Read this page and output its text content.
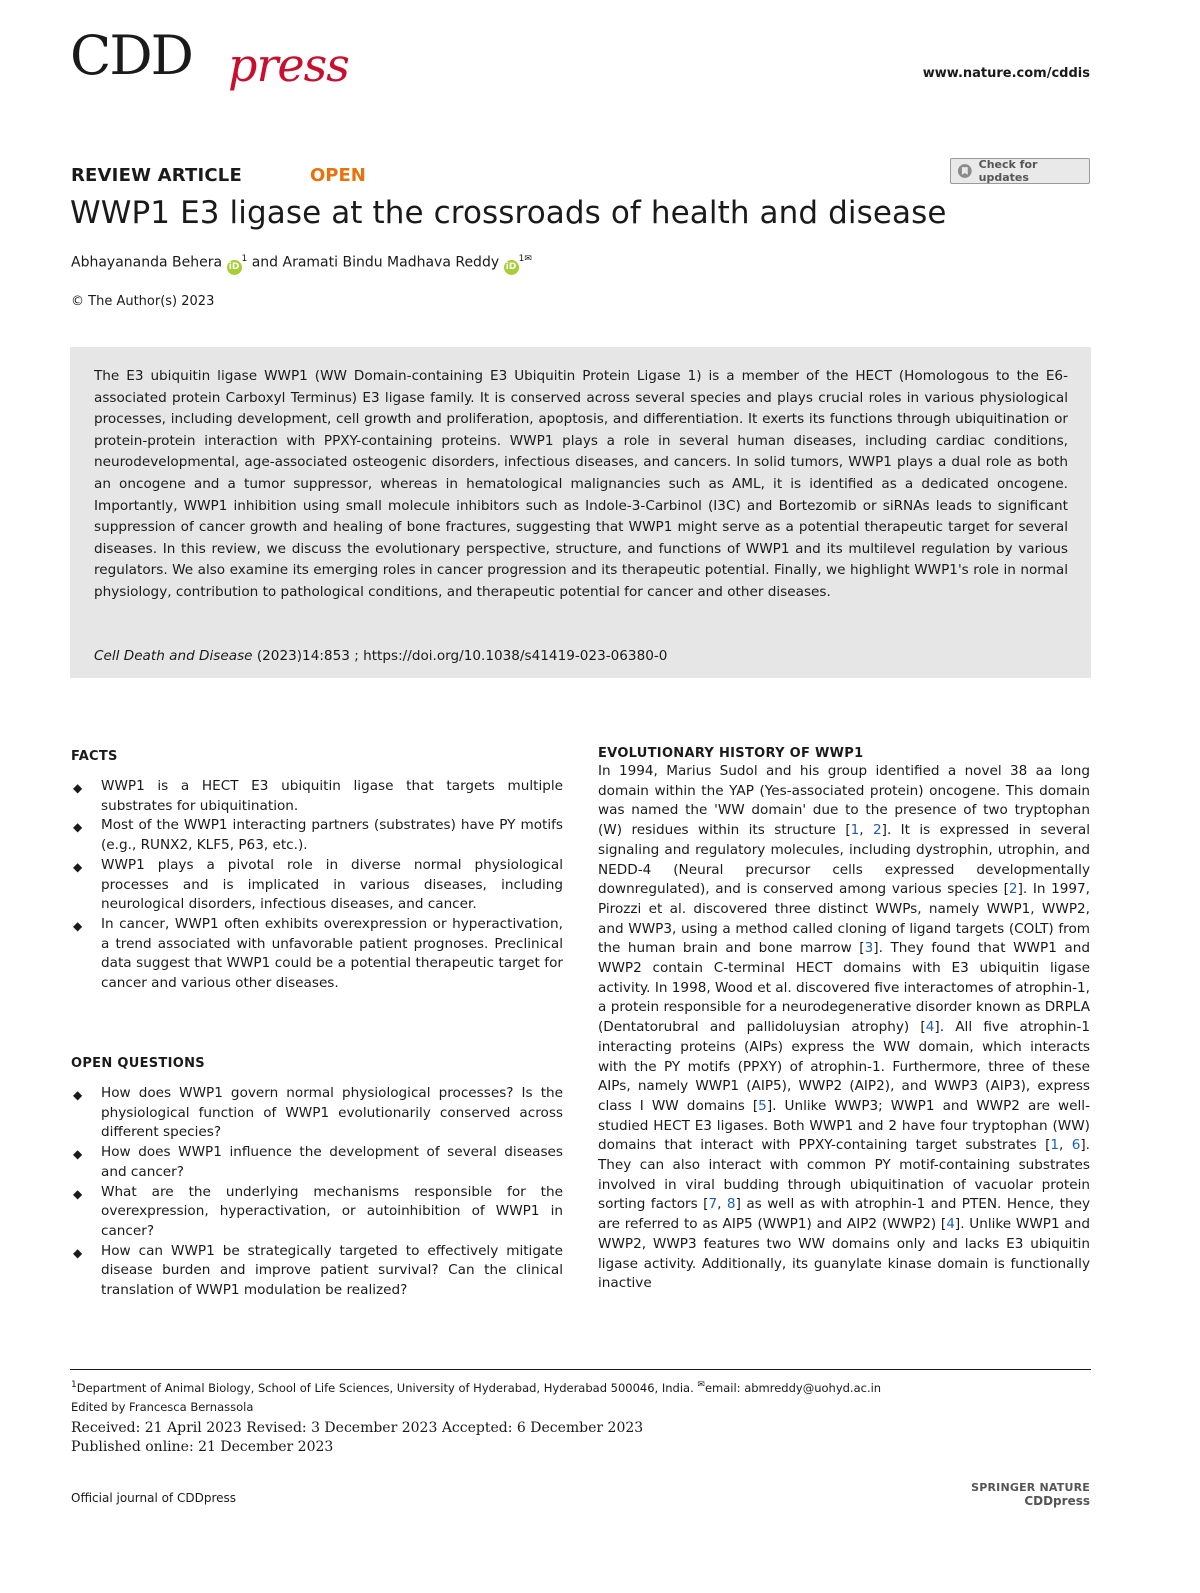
CDD press	www.nature.com/cddis
REVIEW ARTICLE	OPEN
Check for updates
WWP1 E3 ligase at the crossroads of health and disease
Abhayananda Behera $iD^1$ and Aramati Bindu Madhava Reddy $iD^{1✉}$
© The Author(s) 2023
The E3 ubiquitin ligase WWP1 (WW Domain-containing E3 Ubiquitin Protein Ligase 1) is a member of the HECT (Homologous to the E6-associated protein Carboxyl Terminus) E3 ligase family. It is conserved across several species and plays crucial roles in various physiological processes, including development, cell growth and proliferation, apoptosis, and differentiation. It exerts its functions through ubiquitination or protein-protein interaction with PPXY-containing proteins. WWP1 plays a role in several human diseases, including cardiac conditions, neurodevelopmental, age-associated osteogenic disorders, infectious diseases, and cancers. In solid tumors, WWP1 plays a dual role as both an oncogene and a tumor suppressor, whereas in hematological malignancies such as AML, it is identified as a dedicated oncogene. Importantly, WWP1 inhibition using small molecule inhibitors such as Indole-3-Carbinol (I3C) and Bortezomib or siRNAs leads to significant suppression of cancer growth and healing of bone fractures, suggesting that WWP1 might serve as a potential therapeutic target for several diseases. In this review, we discuss the evolutionary perspective, structure, and functions of WWP1 and its multilevel regulation by various regulators. We also examine its emerging roles in cancer progression and its therapeutic potential. Finally, we highlight WWP1's role in normal physiology, contribution to pathological conditions, and therapeutic potential for cancer and other diseases.
Cell Death and Disease (2023)14:853 ; https://doi.org/10.1038/s41419-023-06380-0
FACTS
◆ WWP1 is a HECT E3 ubiquitin ligase that targets multiple substrates for ubiquitination.
◆ Most of the WWP1 interacting partners (substrates) have PY motifs (e.g., RUNX2, KLF5, P63, etc.).
◆ WWP1 plays a pivotal role in diverse normal physiological processes and is implicated in various diseases, including neurological disorders, infectious diseases, and cancer.
◆ In cancer, WWP1 often exhibits overexpression or hyperactivation, a trend associated with unfavorable patient prognoses. Preclinical data suggest that WWP1 could be a potential therapeutic target for cancer and various other diseases.
OPEN QUESTIONS
◆ How does WWP1 govern normal physiological processes? Is the physiological function of WWP1 evolutionarily conserved across different species?
◆ How does WWP1 influence the development of several diseases and cancer?
◆ What are the underlying mechanisms responsible for the overexpression, hyperactivation, or autoinhibition of WWP1 in cancer?
◆ How can WWP1 be strategically targeted to effectively mitigate disease burden and improve patient survival? Can the clinical translation of WWP1 modulation be realized?
EVOLUTIONARY HISTORY OF WWP1
In 1994, Marius Sudol and his group identified a novel 38 aa long domain within the YAP (Yes-associated protein) oncogene. This domain was named the 'WW domain' due to the presence of two tryptophan (W) residues within its structure [1, 2]. It is expressed in several signaling and regulatory molecules, including dystrophin, utrophin, and NEDD-4 (Neural precursor cells expressed developmentally downregulated), and is conserved among various species [2]. In 1997, Pirozzi et al. discovered three distinct WWPs, namely WWP1, WWP2, and WWP3, using a method called cloning of ligand targets (COLT) from the human brain and bone marrow [3]. They found that WWP1 and WWP2 contain C-terminal HECT domains with E3 ubiquitin ligase activity. In 1998, Wood et al. discovered five interactomes of atrophin-1, a protein responsible for a neurodegenerative disorder known as DRPLA (Dentatorubral and pallidoluysian atrophy) [4]. All five atrophin-1 interacting proteins (AIPs) express the WW domain, which interacts with the PY motifs (PPXY) of atrophin-1. Furthermore, three of these AIPs, namely WWP1 (AIP5), WWP2 (AIP2), and WWP3 (AIP3), express class I WW domains [5]. Unlike WWP3; WWP1 and WWP2 are well-studied HECT E3 ligases. Both WWP1 and 2 have four tryptophan (WW) domains that interact with PPXY-containing target substrates [1, 6]. They can also interact with common PY motif-containing substrates involved in viral budding through ubiquitination of vacuolar protein sorting factors [7, 8] as well as with atrophin-1 and PTEN. Hence, they are referred to as AIP5 (WWP1) and AIP2 (WWP2) [4]. Unlike WWP1 and WWP2, WWP3 features two WW domains only and lacks E3 ubiquitin ligase activity. Additionally, its guanylate kinase domain is functionally inactive
$^1$Department of Animal Biology, School of Life Sciences, University of Hyderabad, Hyderabad 500046, India. ✉email: abmreddy@uohyd.ac.in
Edited by Francesca Bernassola
Received: 21 April 2023 Revised: 3 December 2023 Accepted: 6 December 2023
Published online: 21 December 2023
Official journal of CDDpress
SPRINGER NATURE
CDDpress
